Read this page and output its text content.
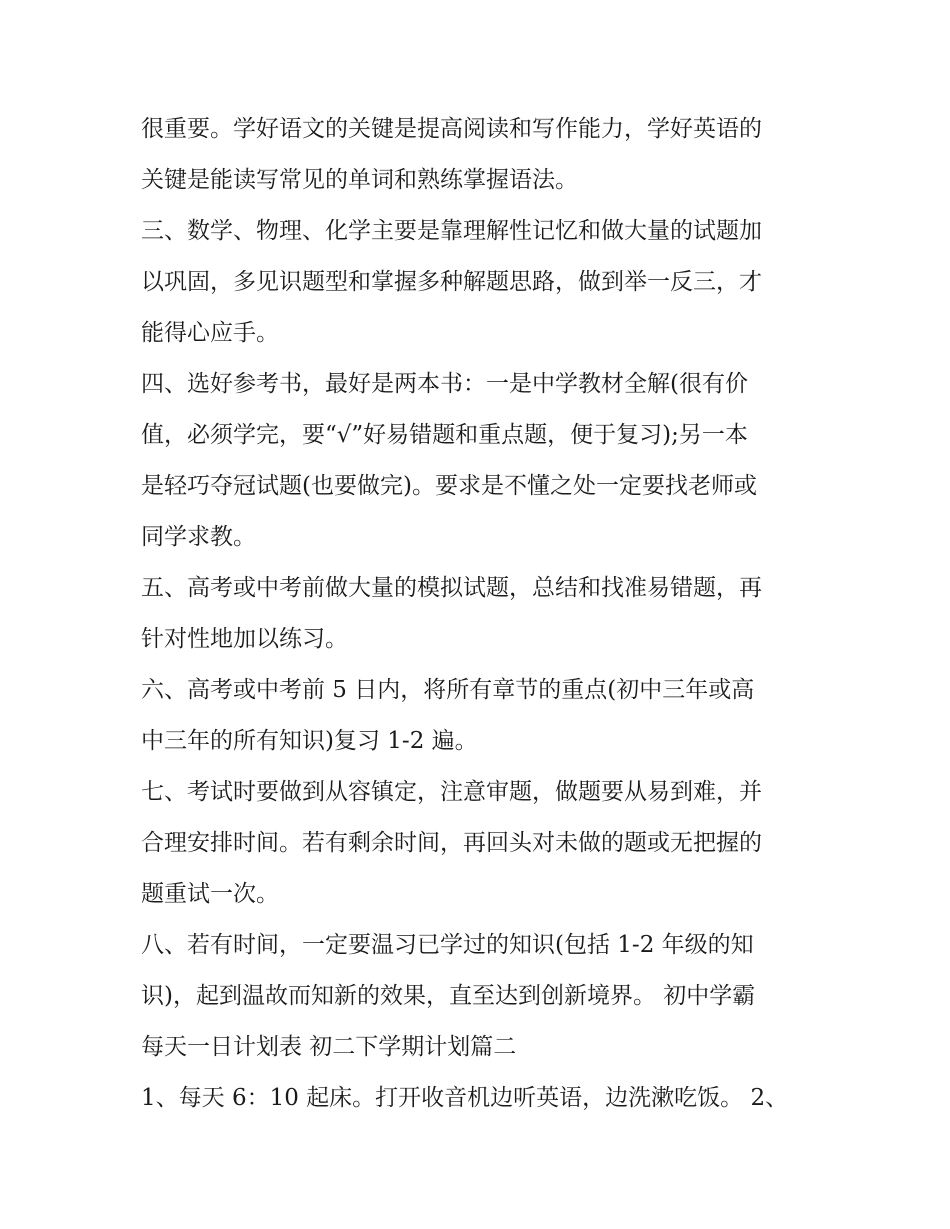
很重要。学好语文的关键是提高阅读和写作能力，学好英语的
关键是能读写常见的单词和熟练掌握语法。
三、数学、物理、化学主要是靠理解性记忆和做大量的试题加
以巩固，多见识题型和掌握多种解题思路，做到举一反三，才
能得心应手。
四、选好参考书，最好是两本书：一是中学教材全解(很有价
值，必须学完，要“√”好易错题和重点题，便于复习);另一本
是轻巧夺冠试题(也要做完)。要求是不懂之处一定要找老师或
同学求教。
五、高考或中考前做大量的模拟试题，总结和找准易错题，再
针对性地加以练习。
六、高考或中考前 5 日内，将所有章节的重点(初中三年或高
中三年的所有知识)复习 1-2 遍。
七、考试时要做到从容镇定，注意审题，做题要从易到难，并
合理安排时间。若有剩余时间，再回头对未做的题或无把握的
题重试一次。
八、若有时间，一定要温习已学过的知识(包括 1-2 年级的知
识)，起到温故而知新的效果，直至达到创新境界。 初中学霸
每天一日计划表 初二下学期计划篇二
1、每天 6：10 起床。打开收音机边听英语，边洗漱吃饭。 2、
